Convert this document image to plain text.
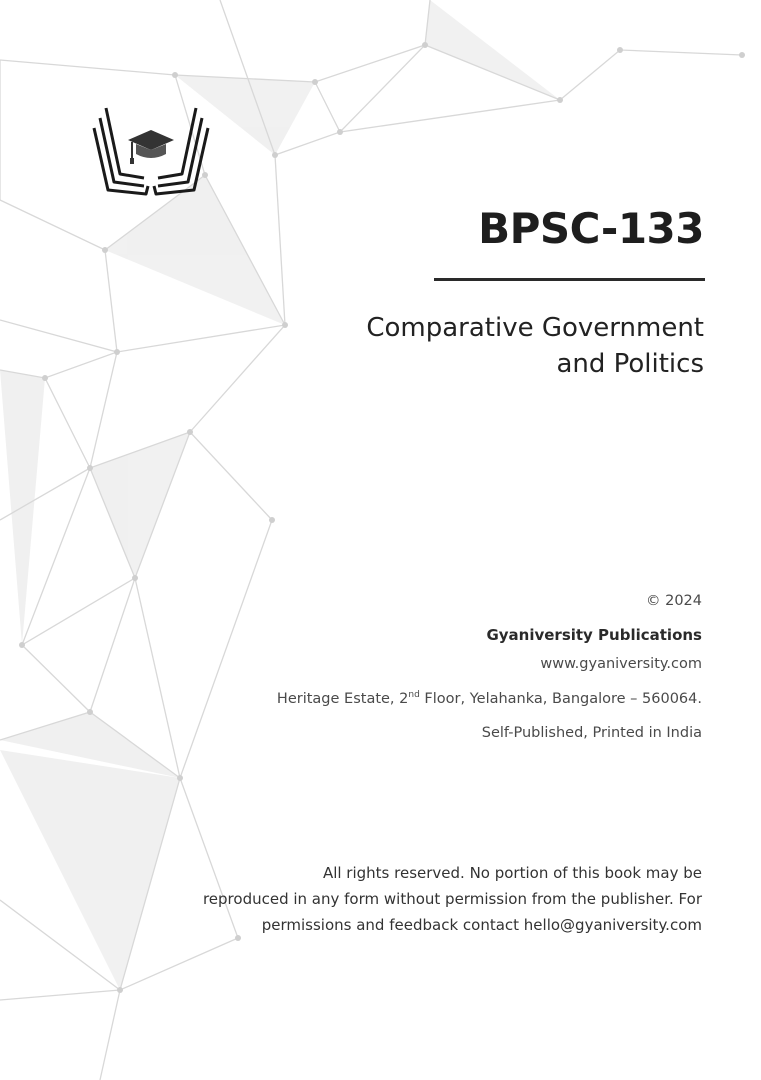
BPSC-133
Comparative Government
and Politics

© 2024

Gyaniversity Publications

www.gyaniversity.com

Heritage Estate, 2nd Floor, Yelahanka, Bangalore – 560064.

Self-Published, Printed in India

All rights reserved. No portion of this book may be
reproduced in any form without permission from the publisher. For
permissions and feedback contact hello@gyaniversity.com
